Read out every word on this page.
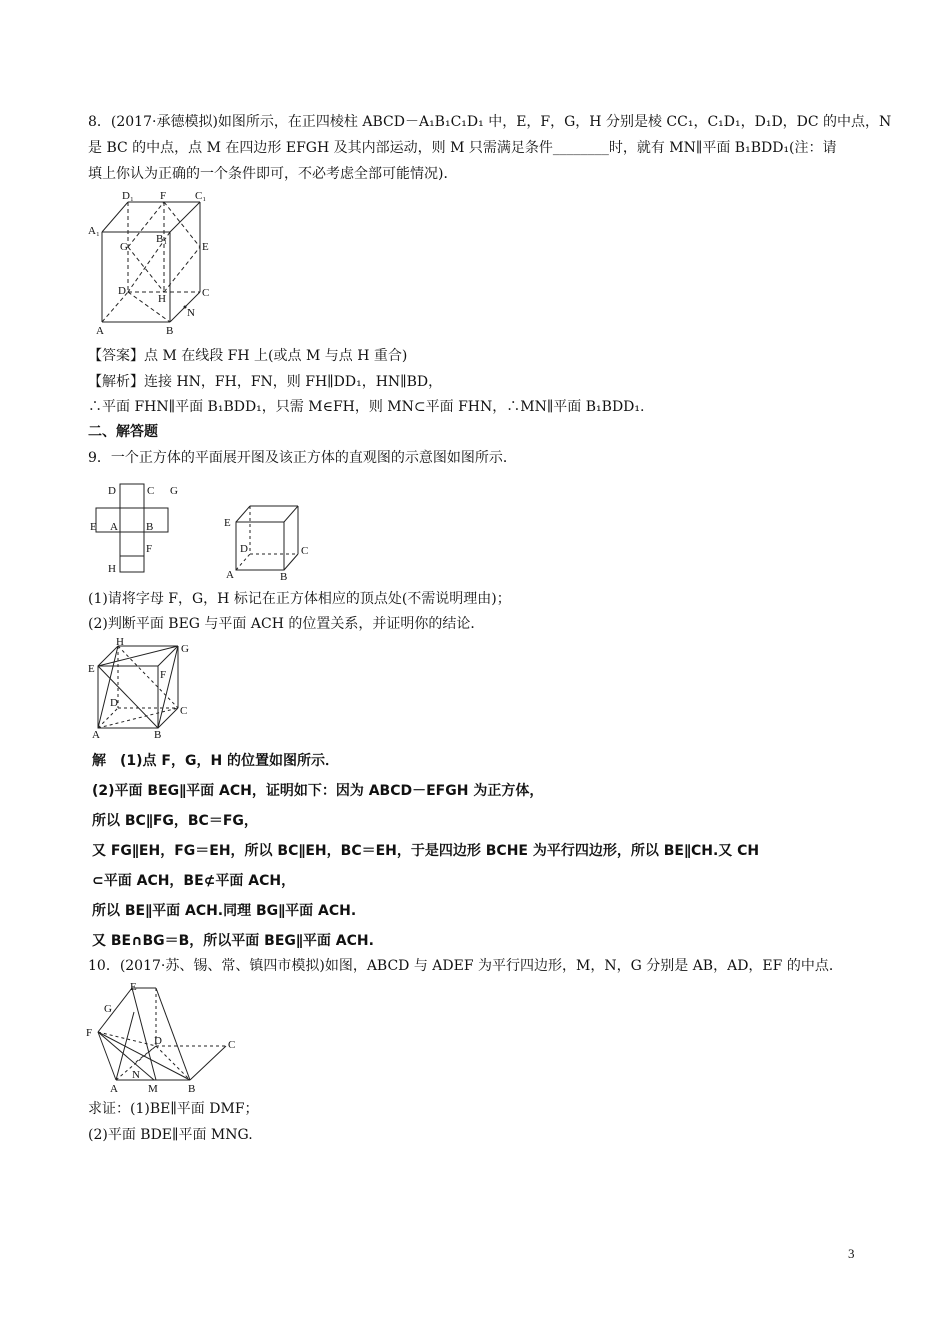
8．(2017·承德模拟)如图所示，在正四棱柱 ABCD－A₁B₁C₁D₁ 中，E，F，G，H 分别是棱 CC₁，C₁D₁，D₁D，DC 的中点，N
是 BC 的中点，点 M 在四边形 EFGH 及其内部运动，则 M 只需满足条件________时，就有 MN∥平面 B₁BDD₁(注：请
填上你认为正确的一个条件即可，不必考虑全部可能情况)．
D₁ F	C₁
A₁
G
B₁
E
D	C
H
N
A	B
【答案】点 M 在线段 FH 上(或点 M 与点 H 重合)
【解析】连接 HN，FH，FN，则 FH∥DD₁，HN∥BD，
∴平面 FHN∥平面 B₁BDD₁，只需 M∈FH，则 MN⊂平面 FHN，∴MN∥平面 B₁BDD₁.
二、解答题
9．一个正方体的平面展开图及该正方体的直观图的示意图如图所示．
D	C G
E A	B
F
H
E
D	C
A	B
(1)请将字母 F，G，H 标记在正方体相应的顶点处(不需说明理由)；
(2)判断平面 BEG 与平面 ACH 的位置关系，并证明你的结论．
H
G
E	F
D
C
A	B
解　(1)点 F，G，H 的位置如图所示．
(2)平面 BEG∥平面 ACH，证明如下：因为 ABCD－EFGH 为正方体，
所以 BC∥FG，BC＝FG，
又 FG∥EH，FG＝EH，所以 BC∥EH，BC＝EH，于是四边形 BCHE 为平行四边形，所以 BE∥CH.又 CH
⊂平面 ACH，BE⊄平面 ACH，
所以 BE∥平面 ACH.同理 BG∥平面 ACH.
又 BE∩BG＝B，所以平面 BEG∥平面 ACH.
10．(2017·苏、锡、常、镇四市模拟)如图，ABCD 与 ADEF 为平行四边形，M，N，G 分别是 AB，AD，EF 的中点．
E
G
F
D	C
N
A	M	B
求证：(1)BE∥平面 DMF；
(2)平面 BDE∥平面 MNG.
3
